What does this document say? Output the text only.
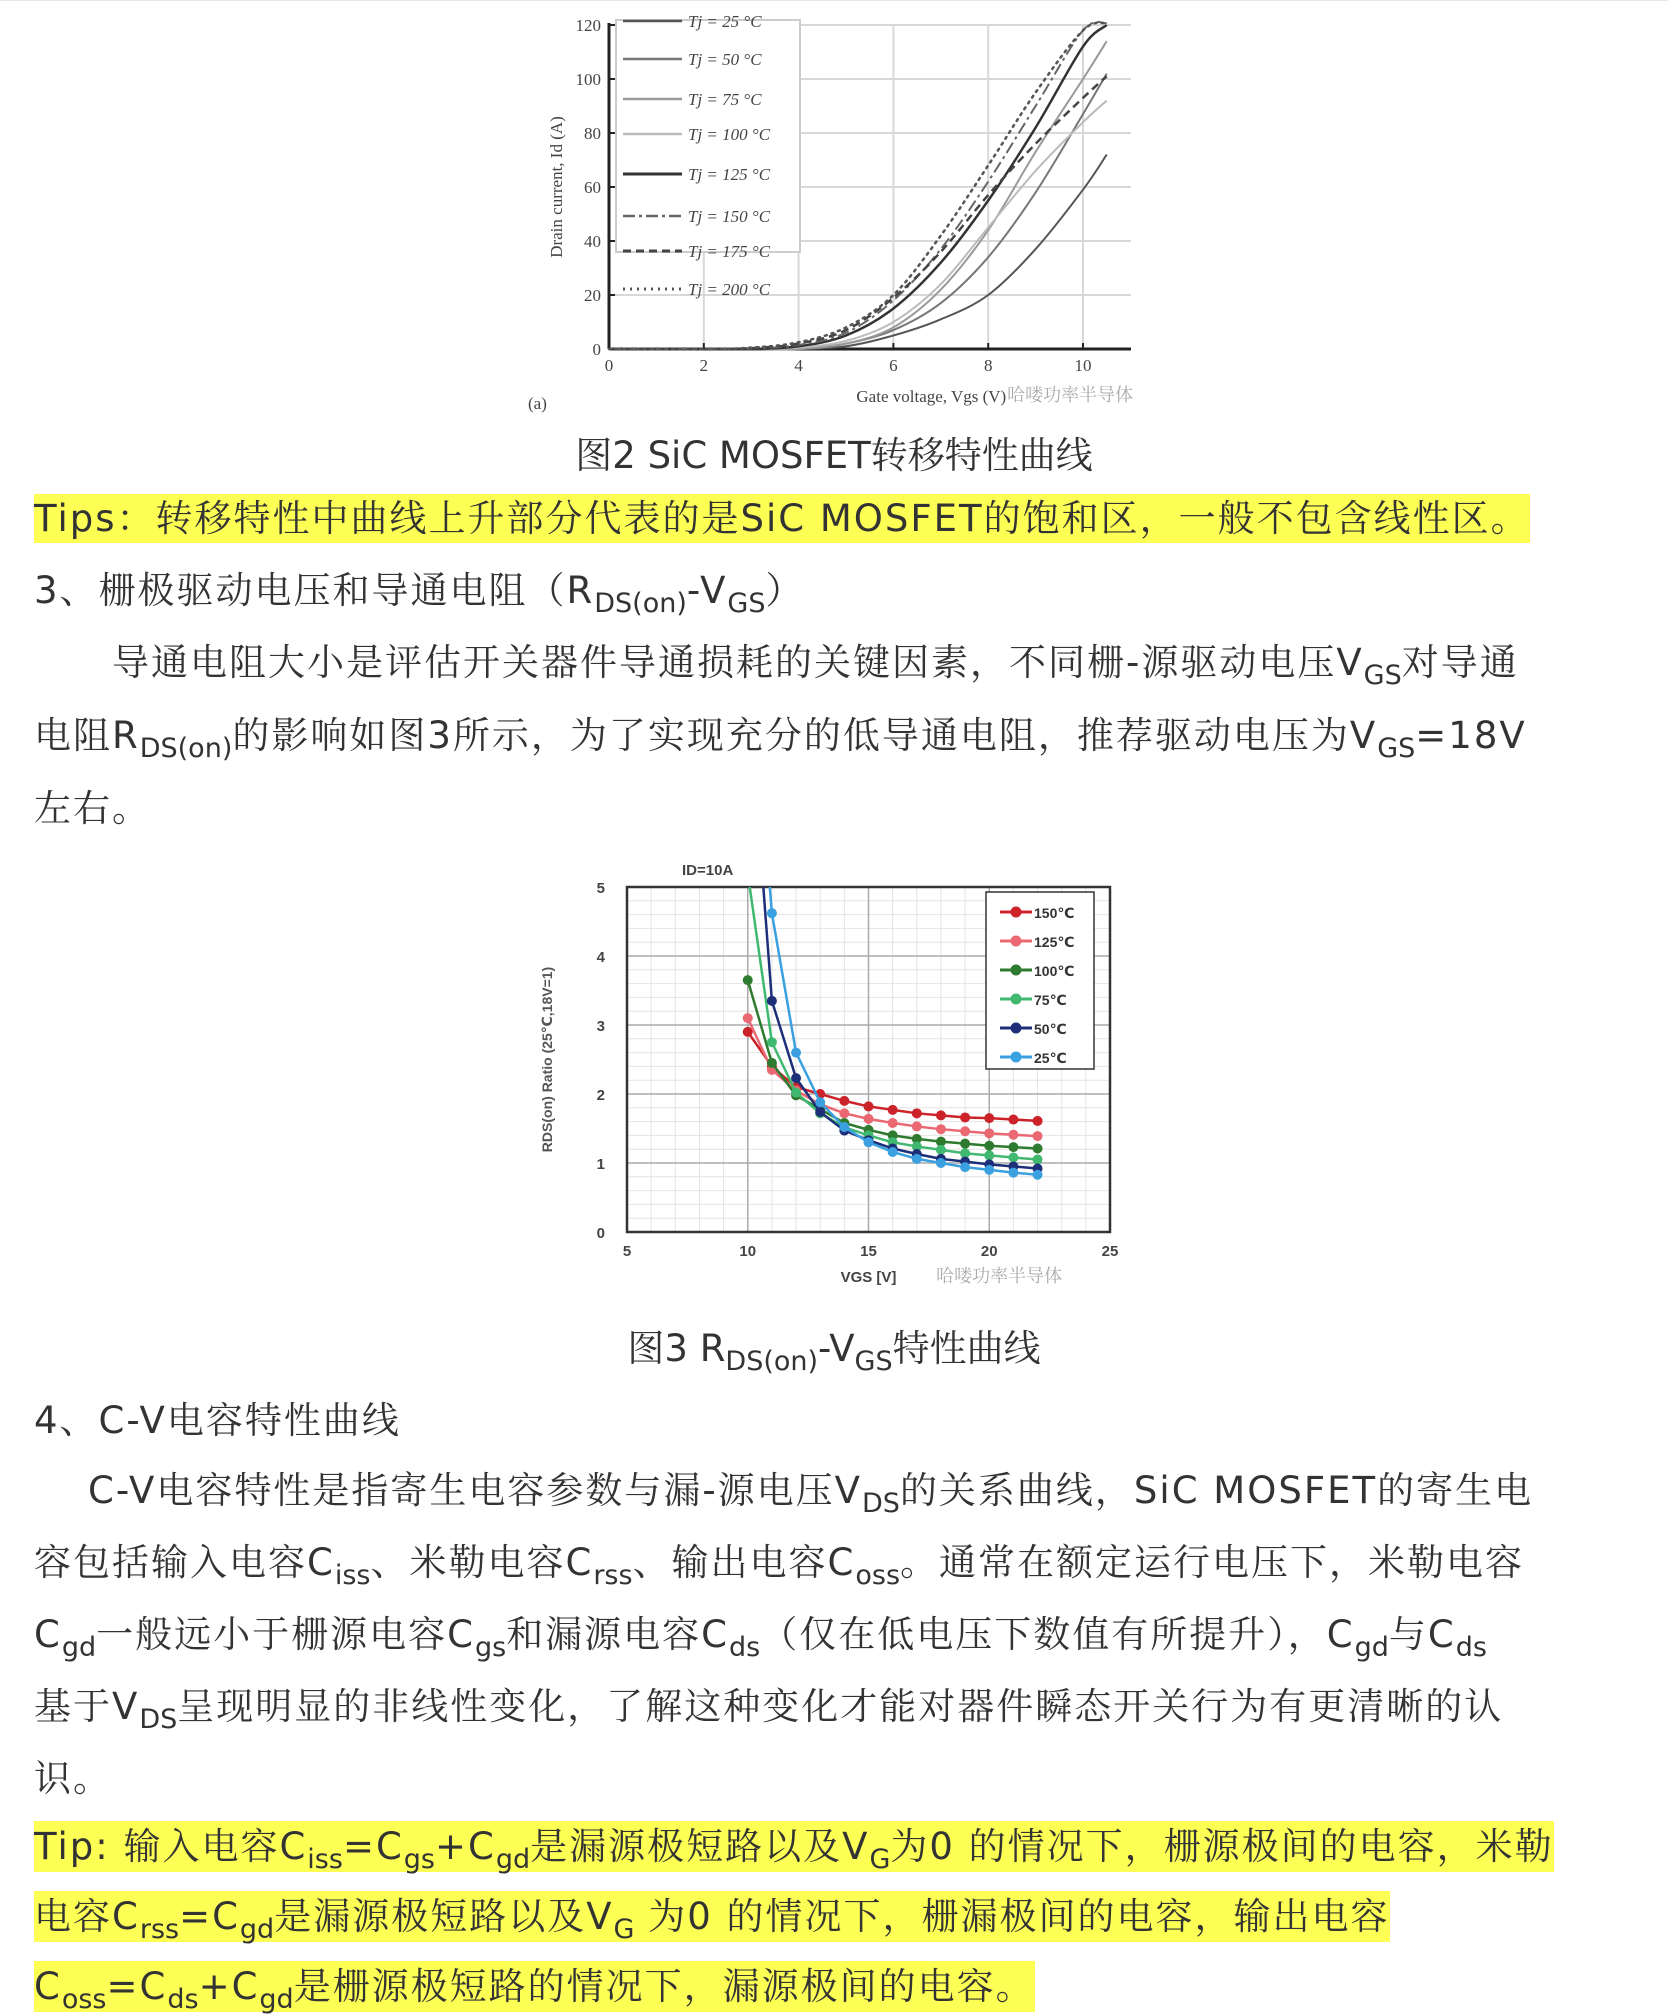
0
20
40
60
80
100
120
0	2	4	6	8	10
Drain current, Id (A)
Gate voltage, Vgs (V)
(a)	哈喽功率半导体
Tj = 25 °C
Tj = 50 °C
Tj = 75 °C
Tj = 100 °C
Tj = 125 °C
Tj = 150 °C
Tj = 175 °C
Tj = 200 °C
图2 SiC MOSFET转移特性曲线
Tips：转移特性中曲线上升部分代表的是SiC MOSFET的饱和区，一般不包含线性区。
3、栅极驱动电压和导通电阻$(R_{DS(on)}-V_{GS})$
导通电阻大小是评估开关器件导通损耗的关键因素，不同栅-源驱动电压$V_{GS}$对导通
电阻$R_{DS(on)}$的影响如图3所示，为了实现充分的低导通电阻，推荐驱动电压为$V_{GS}=18V$
左右。
0
1
2
3
4
5
5	10	15	20	25
ID=10A
RDS(on) Ratio (25℃,18V=1)
VGS [V] 哈喽功率半导体
150℃
125℃
100℃
75℃
50℃
25℃
图3 $R_{DS(on)}-V_{GS}$特性曲线
4、C-V电容特性曲线
C-V电容特性是指寄生电容参数与漏-源电压$V_{DS}$的关系曲线，SiC MOSFET的寄生电
容包括输入电容$C_{iss}$、米勒电容$C_{rss}$、输出电容$C_{oss}$。通常在额定运行电压下，米勒电容
$C_{gd}$一般远小于栅源电容$C_{gs}$和漏源电容$C_{ds}$（仅在低电压下数值有所提升），$C_{gd}$与$C_{ds}$
基于$V_{DS}$呈现明显的非线性变化，了解这种变化才能对器件瞬态开关行为有更清晰的认
识。
Tip: 输入电容$C_{iss}=C_{gs}+C_{gd}$是漏源极短路以及$V_G$为0 的情况下，栅源极间的电容，米勒
电容$C_{rss}=C_{gd}$是漏源极短路以及$V_G$ 为0 的情况下，栅漏极间的电容，输出电容
$C_{oss}=C_{ds}+C_{gd}$是栅源极短路的情况下，漏源极间的电容。
